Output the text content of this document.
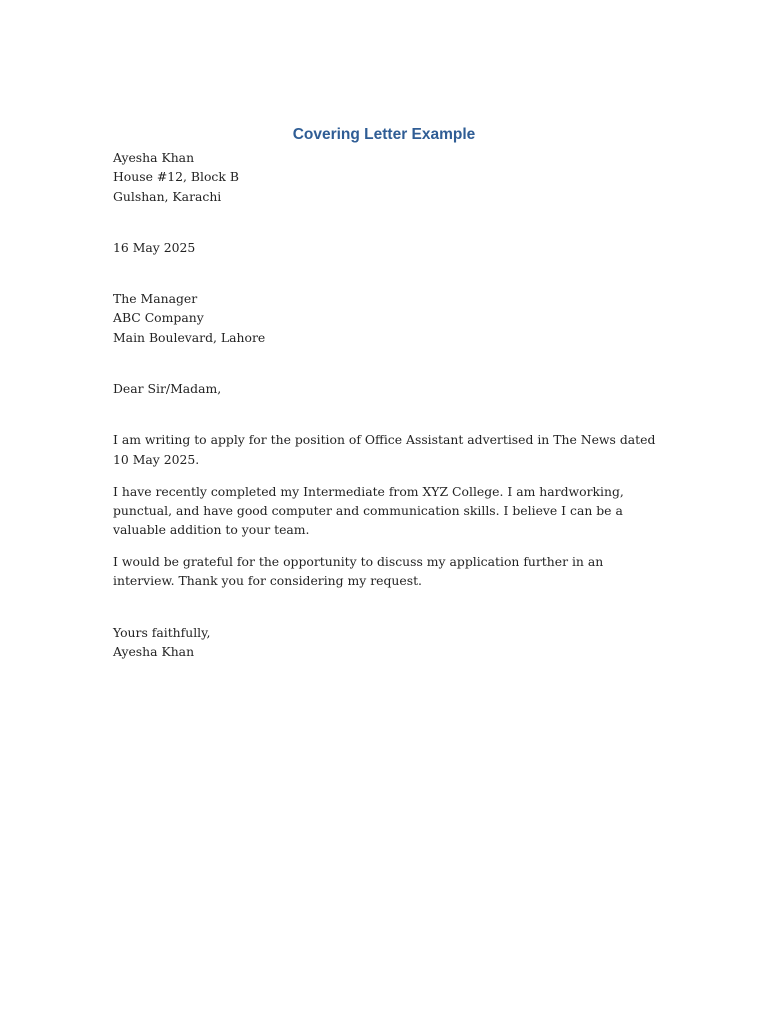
Covering Letter Example
Ayesha Khan
House #12, Block B
Gulshan, Karachi
16 May 2025
The Manager
ABC Company
Main Boulevard, Lahore
Dear Sir/Madam,

I am writing to apply for the position of Office Assistant advertised in The News dated 10 May 2025.

I have recently completed my Intermediate from XYZ College. I am hardworking, punctual, and have good computer and communication skills. I believe I can be a valuable addition to your team.

I would be grateful for the opportunity to discuss my application further in an interview. Thank you for considering my request.

Yours faithfully,
Ayesha Khan
